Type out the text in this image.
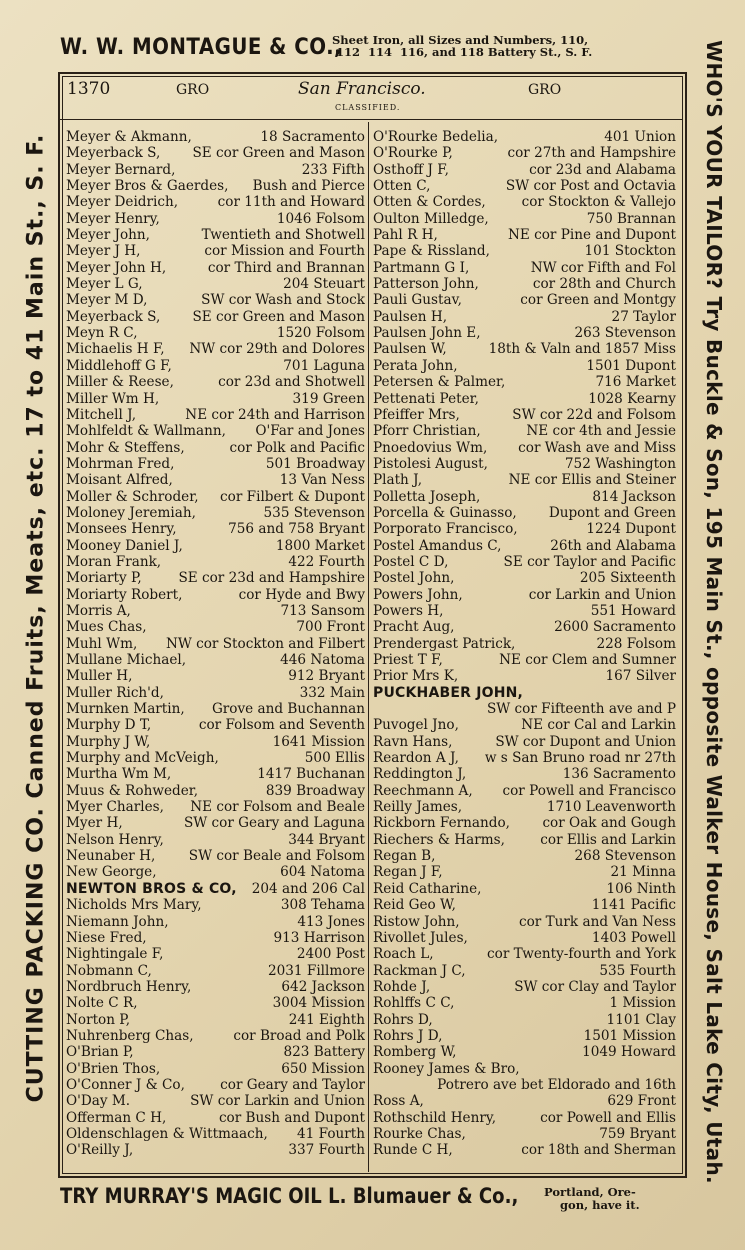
W. W. MONTAGUE & CO.,
Sheet Iron, all Sizes and Numbers, 110,
112  114  116, and 118 Battery St., S. F.
1370	GRO	San Francisco.
CLASSIFIED.
GRO
Meyer & Akmann,	18 Sacramento
Meyerback S, SE cor Green and Mason
Meyer Bernard,	233 Fifth
Meyer Bros & Gaerdes, Bush and Pierce
Meyer Deidrich,	cor 11th and Howard
Meyer Henry,	1046 Folsom
Meyer John,	Twentieth and Shotwell
Meyer J H,	cor Mission and Fourth
Meyer John H,	cor Third and Brannan
Meyer L G,	204 Steuart
Meyer M D,	SW cor Wash and Stock
Meyerback S, SE cor Green and Mason
Meyn R C,	1520 Folsom
Michaelis H F, NW cor 29th and Dolores
Middlehoff G F,	701 Laguna
Miller & Reese,	cor 23d and Shotwell
Miller Wm H,	319 Green
Mitchell J,	NE cor 24th and Harrison
Mohlfeldt & Wallmann, O'Far and Jones
Mohr & Steffens,	cor Polk and Pacific
Mohrman Fred,	501 Broadway
Moisant Alfred,	13 Van Ness
Moller & Schroder, cor Filbert & Dupont
Moloney Jeremiah,	535 Stevenson
Monsees Henry,	756 and 758 Bryant
Mooney Daniel J,	1800 Market
Moran Frank,	422 Fourth
Moriarty P,	SE cor 23d and Hampshire
Moriarty Robert,	cor Hyde and Bwy
Morris A,	713 Sansom
Mues Chas,	700 Front
Muhl Wm, NW cor Stockton and Filbert
Mullane Michael,	446 Natoma
Muller H,	912 Bryant
Muller Rich'd,	332 Main
Murnken Martin, Grove and Buchannan
Murphy D T,	cor Folsom and Seventh
Murphy J W,	1641 Mission
Murphy and McVeigh,	500 Ellis
Murtha Wm M,	1417 Buchanan
Muus & Rohweder,	839 Broadway
Myer Charles, NE cor Folsom and Beale
Myer H,	SW cor Geary and Laguna
Nelson Henry,	344 Bryant
Neunaber H, SW cor Beale and Folsom
New George,	604 Natoma
NEWTON BROS & CO, 204 and 206 Cal
Nicholds Mrs Mary,	308 Tehama
Niemann John,	413 Jones
Niese Fred,	913 Harrison
Nightingale F,	2400 Post
Nobmann C,	2031 Fillmore
Nordbruch Henry,	642 Jackson
Nolte C R,	3004 Mission
Norton P,	241 Eighth
Nuhrenberg Chas,	cor Broad and Polk
O'Brian P,	823 Battery
O'Brien Thos,	650 Mission
O'Conner J & Co,	cor Geary and Taylor
O'Day M.	SW cor Larkin and Union
Offerman C H,	cor Bush and Dupont
Oldenschlagen & Wittmaach, 41 Fourth
O'Reilly J,	337 Fourth
O'Rourke Bedelia,	401 Union
O'Rourke P,	cor 27th and Hampshire
Osthoff J F,	cor 23d and Alabama
Otten C,	SW cor Post and Octavia
Otten & Cordes,	cor Stockton & Vallejo
Oulton Milledge,	750 Brannan
Pahl R H,	NE cor Pine and Dupont
Pape & Rissland,	101 Stockton
Partmann G I,	NW cor Fifth and Fol
Patterson John,	cor 28th and Church
Pauli Gustav,	cor Green and Montgy
Paulsen H,	27 Taylor
Paulsen John E,	263 Stevenson
Paulsen W,	18th & Valn and 1857 Miss
Perata John,	1501 Dupont
Petersen & Palmer,	716 Market
Pettenati Peter,	1028 Kearny
Pfeiffer Mrs,	SW cor 22d and Folsom
Pforr Christian,	NE cor 4th and Jessie
Pnoedovius Wm, cor Wash ave and Miss
Pistolesi August,	752 Washington
Plath J,	NE cor Ellis and Steiner
Polletta Joseph,	814 Jackson
Porcella & Guinasso, Dupont and Green
Porporato Francisco,	1224 Dupont
Postel Amandus C,	26th and Alabama
Postel C D,	SE cor Taylor and Pacific
Postel John,	205 Sixteenth
Powers John,	cor Larkin and Union
Powers H,	551 Howard
Pracht Aug,	2600 Sacramento
Prendergast Patrick,	228 Folsom
Priest T F,	NE cor Clem and Sumner
Prior Mrs K,	167 Silver
PUCKHABER JOHN,
SW cor Fifteenth ave and P
Puvogel Jno,	NE cor Cal and Larkin
Ravn Hans,	SW cor Dupont and Union
Reardon A J, w s San Bruno road nr 27th
Reddington J,	136 Sacramento
Reechmann A, cor Powell and Francisco
Reilly James,	1710 Leavenworth
Rickborn Fernando, cor Oak and Gough
Riechers & Harms,	cor Ellis and Larkin
Regan B,	268 Stevenson
Regan J F,	21 Minna
Reid Catharine,	106 Ninth
Reid Geo W,	1141 Pacific
Ristow John,	cor Turk and Van Ness
Rivollet Jules,	1403 Powell
Roach L,	cor Twenty-fourth and York
Rackman J C,	535 Fourth
Rohde J,	SW cor Clay and Taylor
Rohlffs C C,	1 Mission
Rohrs D,	1101 Clay
Rohrs J D,	1501 Mission
Romberg W,	1049 Howard
Rooney James & Bro,
Potrero ave bet Eldorado and 16th
Ross A,	629 Front
Rothschild Henry,	cor Powell and Ellis
Rourke Chas,	759 Bryant
Runde C H,	cor 18th and Sherman
CUTTING PACKING CO. Canned Fruits, Meats, etc. 17 to 41 Main St., S. F.	WHO'S YOUR TAILOR? Try Buckle & Son, 195 Main St., opposite Walker House, Salt Lake City, Utah.
TRY MURRAY'S MAGIC OIL L. Blumauer & Co., Portland, Ore-
gon, have it.
